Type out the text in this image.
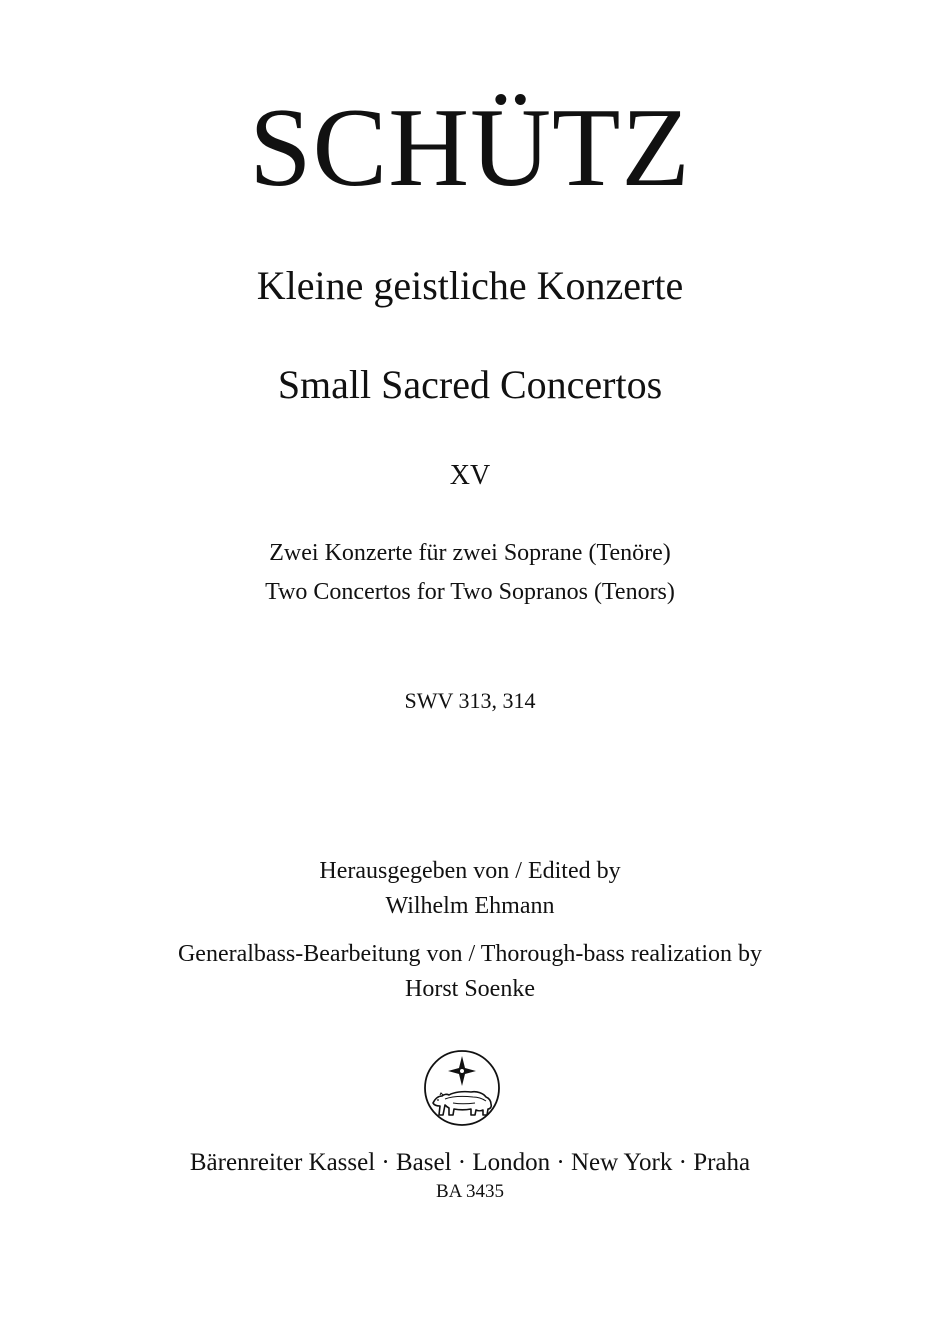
SCHÜTZ
Kleine geistliche Konzerte
Small Sacred Concertos
XV
Zwei Konzerte für zwei Soprane (Tenöre)
Two Concertos for Two Sopranos (Tenors)
SWV 313, 314
Herausgegeben von / Edited by
Wilhelm Ehmann
Generalbass-Bearbeitung von / Thorough-bass realization by
Horst Soenke
Bärenreiter Kassel · Basel · London · New York · Praha
BA 3435
